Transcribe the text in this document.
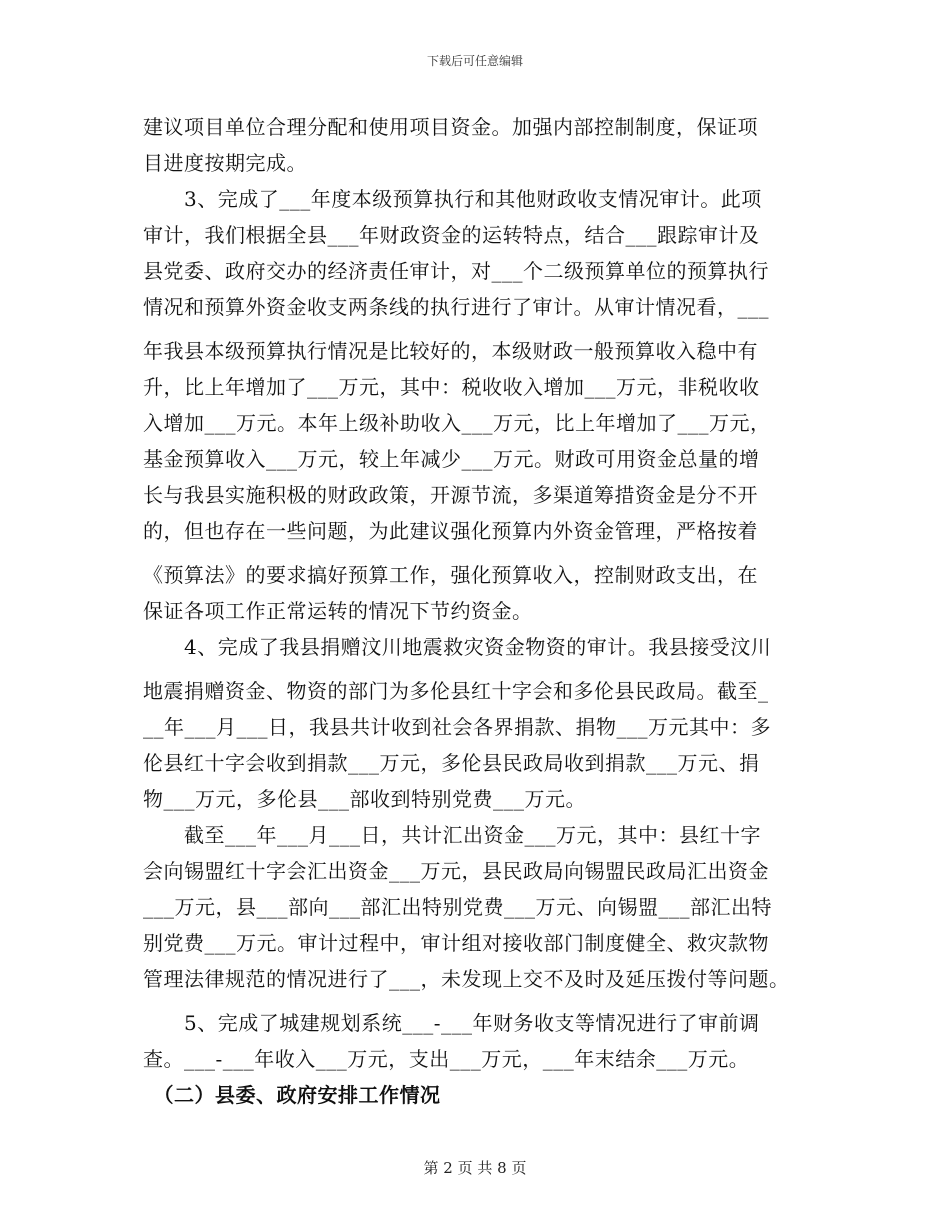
下载后可任意编辑
建议项目单位合理分配和使用项目资金。加强内部控制制度，保证项
目进度按期完成。
　　3、完成了___年度本级预算执行和其他财政收支情况审计。此项
审计，我们根据全县___年财政资金的运转特点，结合___跟踪审计及
县党委、政府交办的经济责任审计，对___个二级预算单位的预算执行
情况和预算外资金收支两条线的执行进行了审计。从审计情况看，___
年我县本级预算执行情况是比较好的，本级财政一般预算收入稳中有
升，比上年增加了___万元，其中：税收收入增加___万元，非税收收
入增加___万元。本年上级补助收入___万元，比上年增加了___万元，
基金预算收入___万元，较上年减少___万元。财政可用资金总量的增
长与我县实施积极的财政政策，开源节流，多渠道筹措资金是分不开
的，但也存在一些问题，为此建议强化预算内外资金管理，严格按着
《预算法》的要求搞好预算工作，强化预算收入，控制财政支出，在
保证各项工作正常运转的情况下节约资金。
　　4、完成了我县捐赠汶川地震救灾资金物资的审计。我县接受汶川
地震捐赠资金、物资的部门为多伦县红十字会和多伦县民政局。截至_
__年___月___日，我县共计收到社会各界捐款、捐物___万元其中：多
伦县红十字会收到捐款___万元，多伦县民政局收到捐款___万元、捐
物___万元，多伦县___部收到特别党费___万元。
　　截至___年___月___日，共计汇出资金___万元，其中：县红十字
会向锡盟红十字会汇出资金___万元，县民政局向锡盟民政局汇出资金
___万元，县___部向___部汇出特别党费___万元、向锡盟___部汇出特
别党费___万元。审计过程中，审计组对接收部门制度健全、救灾款物
管理法律规范的情况进行了___，未发现上交不及时及延压拨付等问题。
　　5、完成了城建规划系统___-___年财务收支等情况进行了审前调
查。___-___年收入___万元，支出___万元，___年末结余___万元。
　（二）县委、政府安排工作情况
第 2 页 共 8 页
